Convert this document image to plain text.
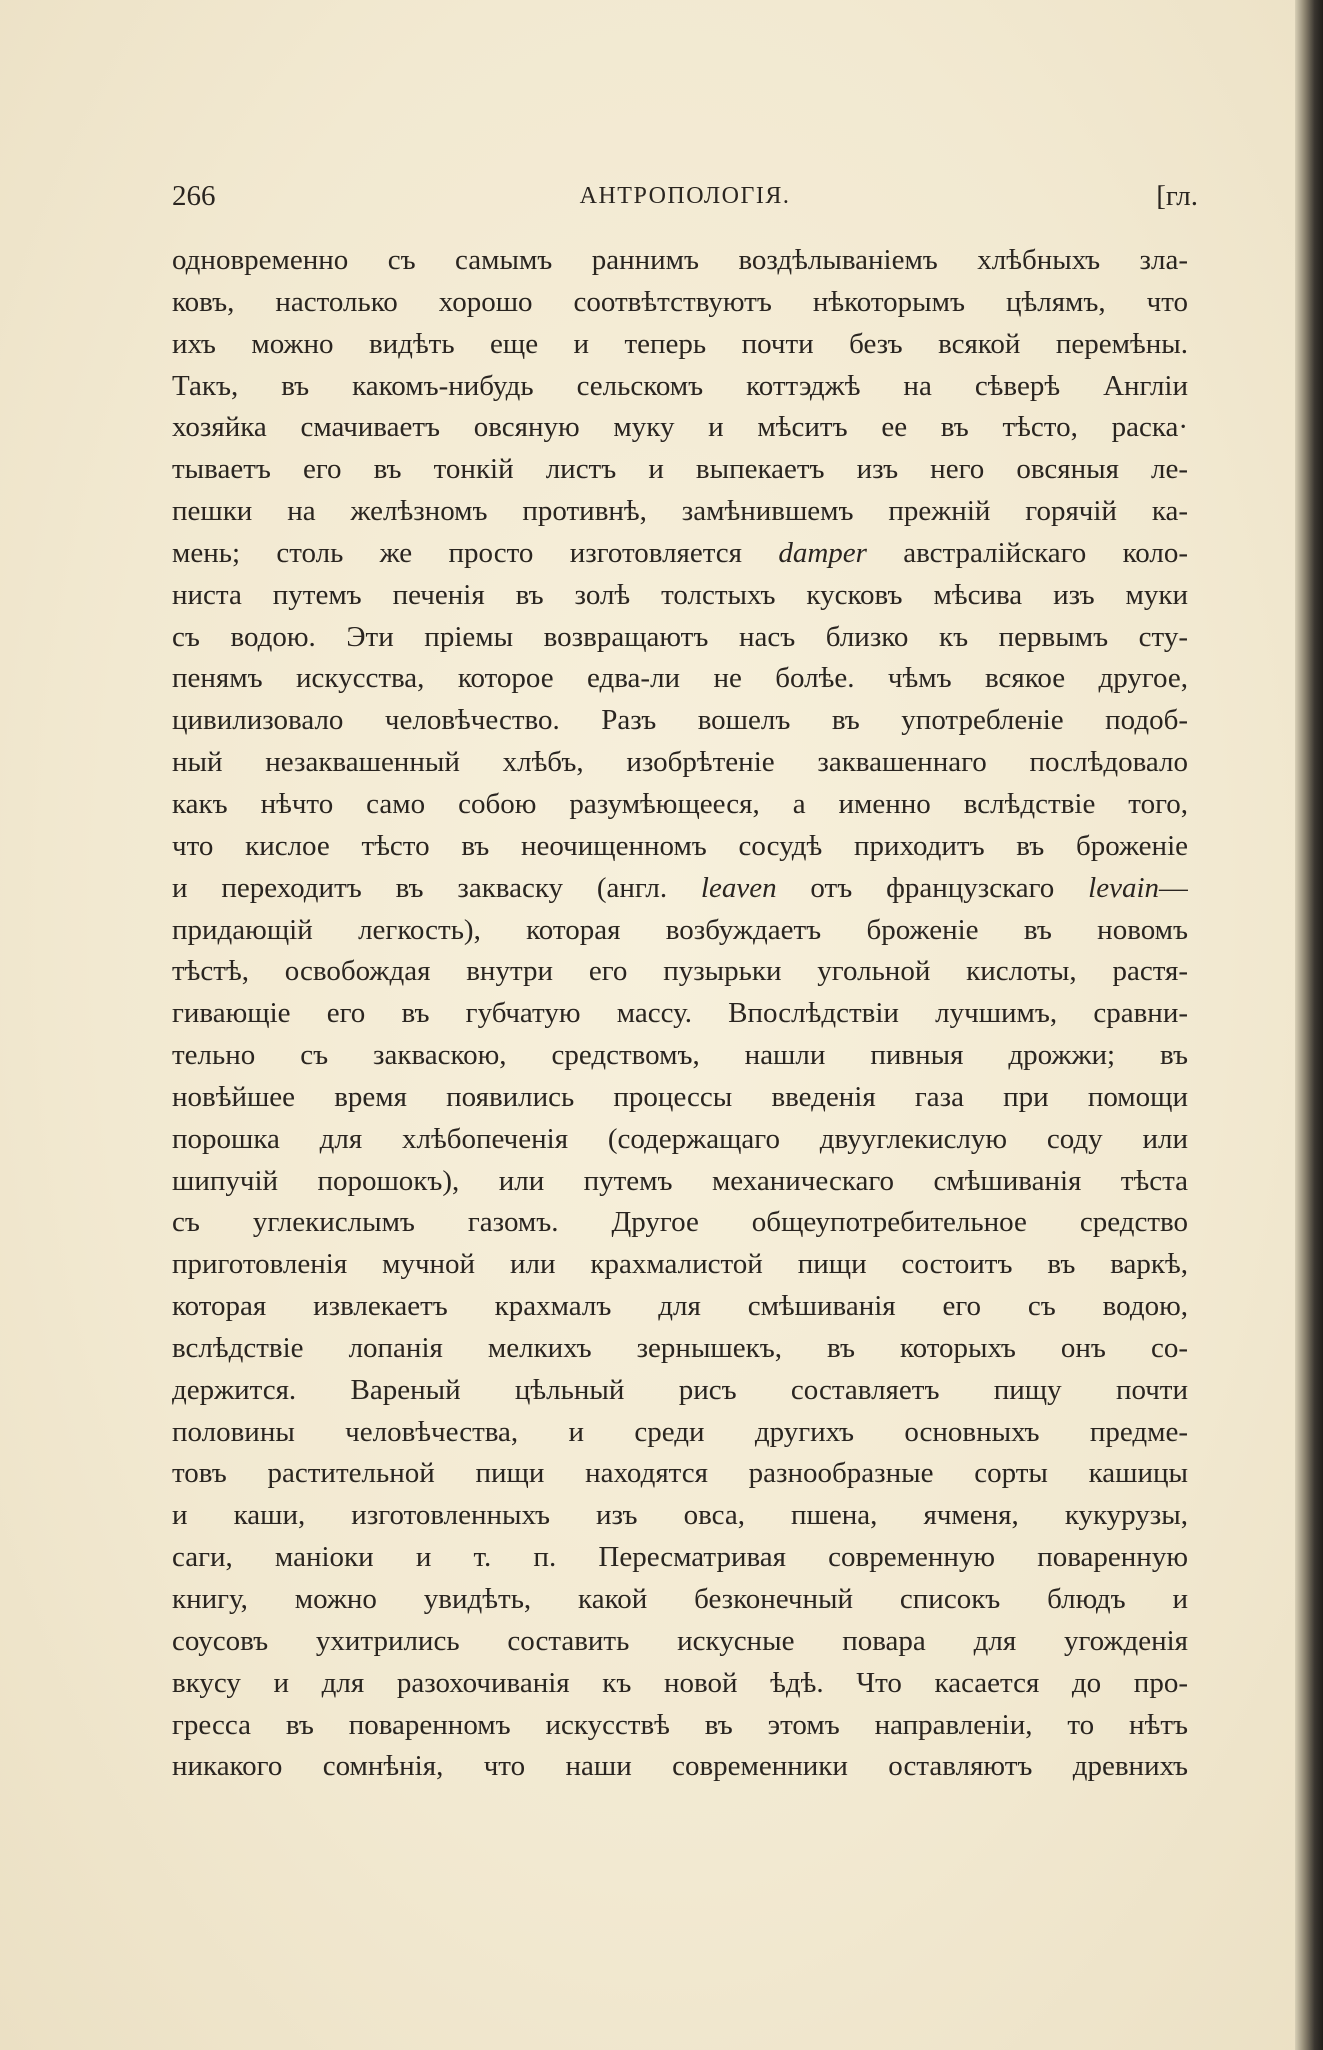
266	АНТРОПОЛОГІЯ.	[гл.
одновременно съ самымъ раннимъ воздѣлываніемъ хлѣбныхъ зла-
ковъ, настолько хорошо соотвѣтствуютъ нѣкоторымъ цѣлямъ, что
ихъ можно видѣть еще и теперь почти безъ всякой перемѣны.
Такъ, въ какомъ-нибудь сельскомъ коттэджѣ на сѣверѣ Англіи
хозяйка смачиваетъ овсяную муку и мѣситъ ее въ тѣсто, раска·
тываетъ его въ тонкій листъ и выпекаетъ изъ него овсяныя ле-
пешки на желѣзномъ противнѣ, замѣнившемъ прежній горячій ка-
мень; столь же просто изготовляется damper австралійскаго коло-
ниста путемъ печенія въ золѣ толстыхъ кусковъ мѣсива изъ муки
съ водою. Эти пріемы возвращаютъ насъ близко къ первымъ сту-
пенямъ искусства, которое едва-ли не болѣе. чѣмъ всякое другое,
цивилизовало человѣчество. Разъ вошелъ въ употребленіе подоб-
ный незаквашенный хлѣбъ, изобрѣтеніе заквашеннаго послѣдовало
какъ нѣчто само собою разумѣющееся, а именно вслѣдствіе того,
что кислое тѣсто въ неочищенномъ сосудѣ приходитъ въ броженіе
и переходитъ въ закваску (англ. leaven отъ французскаго levain—
придающій легкость), которая возбуждаетъ броженіе въ новомъ
тѣстѣ, освобождая внутри его пузырьки угольной кислоты, растя-
гивающіе его въ губчатую массу. Впослѣдствіи лучшимъ, сравни-
тельно съ закваскою, средствомъ, нашли пивныя дрожжи; въ
новѣйшее время появились процессы введенія газа при помощи
порошка для хлѣбопеченія (содержащаго двууглекислую соду или
шипучій порошокъ), или путемъ механическаго смѣшиванія тѣста
съ углекислымъ газомъ. Другое общеупотребительное средство
приготовленія мучной или крахмалистой пищи состоитъ въ варкѣ,
которая извлекаетъ крахмалъ для смѣшиванія его съ водою,
вслѣдствіе лопанія мелкихъ зернышекъ, въ которыхъ онъ со-
держится. Вареный цѣльный рисъ составляетъ пищу почти
половины человѣчества, и среди другихъ основныхъ предме-
товъ растительной пищи находятся разнообразные сорты кашицы
и каши, изготовленныхъ изъ овса, пшена, ячменя, кукурузы,
саги, маніоки и т. п. Пересматривая современную поваренную
книгу, можно увидѣть, какой безконечный списокъ блюдъ и
соусовъ ухитрились составить искусные повара для угожденія
вкусу и для разохочиванія къ новой ѣдѣ. Что касается до про-
гресса въ поваренномъ искусствѣ въ этомъ направленіи, то нѣтъ
никакого сомнѣнія, что наши современники оставляютъ древнихъ
